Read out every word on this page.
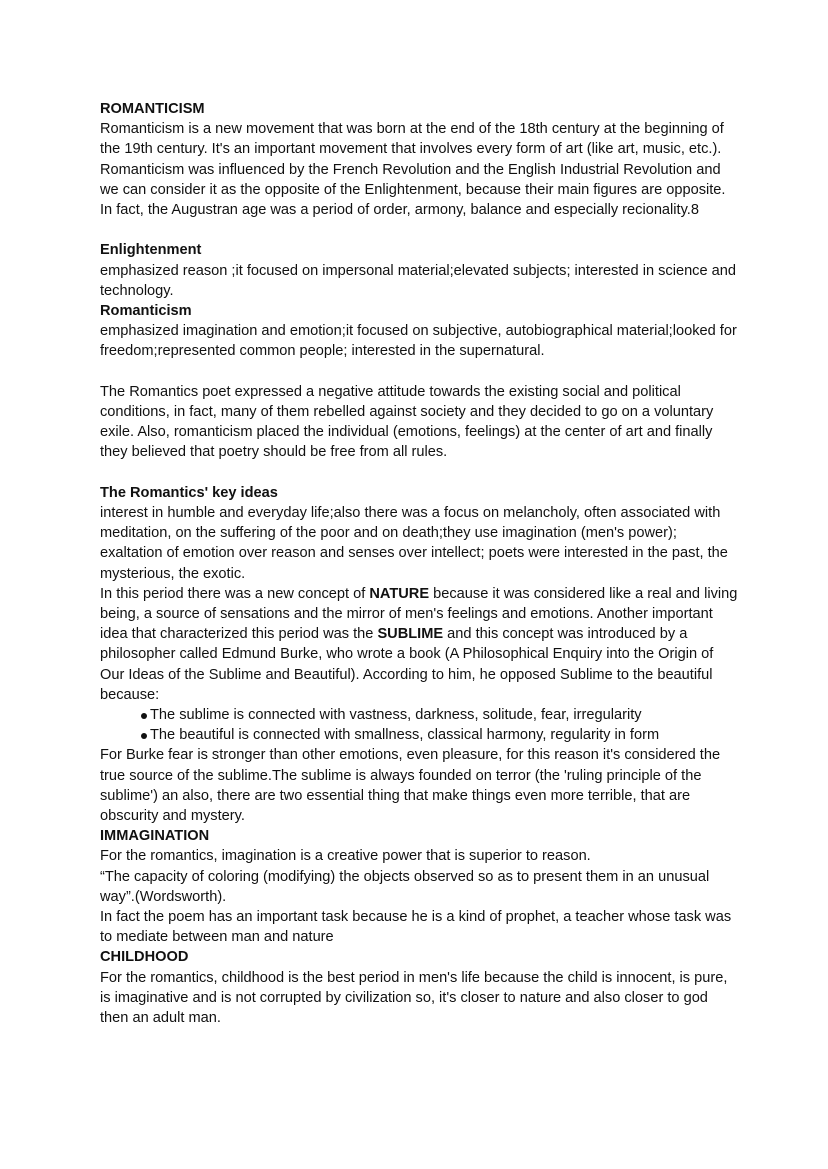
ROMANTICISM

Romanticism is a new movement that was born at the end of the 18th century at the beginning of the 19th century. It's an important movement that involves every form of art (like art, music, etc.). Romanticism was influenced by the French Revolution and the English Industrial Revolution and we can consider it as the opposite of the Enlightenment, because their main figures are opposite. In fact, the Augustran age was a period of order, armony, balance and especially reciona​lity.8

Enlightenment

emphasized reason ;it focused on impersonal material;elevated subjects; interested in science and technology.

Romanticism

emphasized imagination and emotion;it focused on subjective, autobiographical material;looked for freedom;represented common people; interested in the supernatural.

The Romantics poet expressed a negative attitude towards the existing social and political conditions, in fact, many of them rebelled against society and they decided to go on a voluntary exile. Also, romanticism placed the individual (emotions, feelings) at the center of art and finally they believed that poetry should be free from all rules.

The Romantics' key ideas

interest in humble and everyday life;also there was a focus on melancholy, often associated with meditation, on the suffering of the poor and on death;they use imagination (men's power); exaltation of emotion over reason and senses over intellect; poets were interested in the past, the mysterious, the exotic.

In this period there was a new concept of NATURE because it was considered like a real and living being, a source of sensations and the mirror of men's feelings and emotions. Another important idea that characterized this period was the SUBLIME and this concept was introduced by a philosopher called Edmund Burke, who wrote a book (A Philosophical Enquiry into the Origin of Our Ideas of the Sublime and Beautiful). According to him, he opposed Sublime to the beautiful because:

The sublime is connected with vastness, darkness, solitude, fear, irregularity
The beautiful is connected with smallness, classical harmony, regularity in form

For Burke fear is stronger than other emotions, even pleasure, for this reason it's considered the true source of the sublime.The sublime is always founded on terror (the 'ruling principle of the sublime') an also, there are two essential thing that make things even more terrible, that are obscurity and mystery.

IMMAGINATION

For the romantics, imagination is a creative power that is superior to reason.

“The capacity of coloring (modifying) the objects observed so as to present them in an unusual way”.(Wordsworth).

In fact the poem has an important task because he is a kind of prophet, a teacher whose task was to mediate between man and nature

CHILDHOOD

For the romantics, childhood is the best period in men's life because the child is innocent, is pure, is imaginative and is not corrupted by civilization so, it's closer to nature and also closer to god then an adult man.
